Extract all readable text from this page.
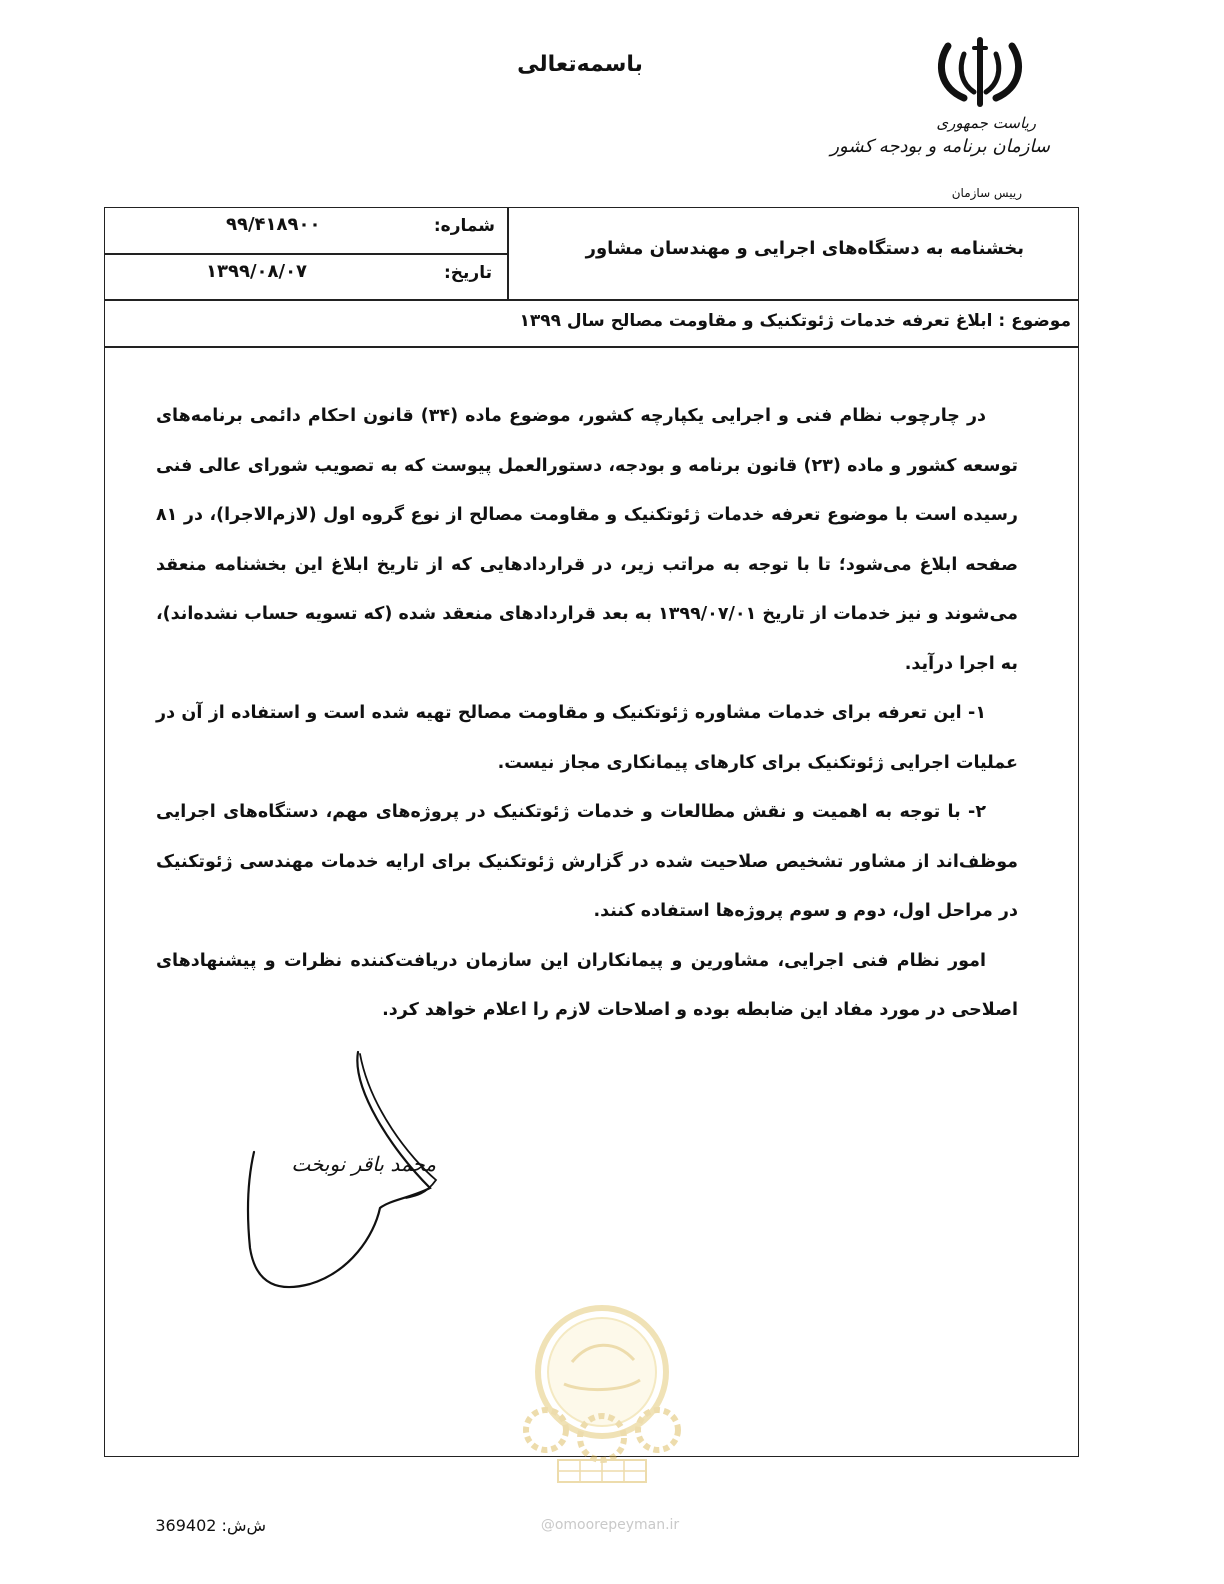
باسمه‌تعالی
ریاست جمهوری
سازمان برنامه و بودجه کشور
رییس سازمان
بخشنامه به دستگاه‌های اجرایی و مهندسان مشاور
شماره:
۹۹/۴۱۸۹۰۰
تاریخ:
۱۳۹۹/۰۸/۰۷
موضوع : ابلاغ تعرفه خدمات ژئوتکنیک و مقاومت مصالح سال ۱۳۹۹

در چارچوب نظام فنی و اجرایی یکپارچه کشور، موضوع ماده (۳۴) قانون احکام دائمی برنامه‌های توسعه کشور و ماده (۲۳) قانون برنامه و بودجه، دستورالعمل پیوست که به تصویب شورای عالی فنی رسیده است با موضوع تعرفه خدمات ژئوتکنیک و مقاومت مصالح از نوع گروه اول (لازم‌الاجرا)، در ۸۱ صفحه ابلاغ می‌شود؛ تا با توجه به مراتب زیر، در قراردادهایی که از تاریخ ابلاغ این بخشنامه منعقد می‌شوند و نیز خدمات از تاریخ ۱۳۹۹/۰۷/۰۱ به بعد قراردادهای منعقد شده (که تسویه حساب نشده‌اند)، به اجرا درآید.

۱- این تعرفه برای خدمات مشاوره ژئوتکنیک و مقاومت مصالح تهیه شده است و استفاده از آن در عملیات اجرایی ژئوتکنیک برای کارهای پیمانکاری مجاز نیست.

۲- با توجه به اهمیت و نقش مطالعات و خدمات ژئوتکنیک در پروژه‌های مهم، دستگاه‌های اجرایی موظف‌اند از مشاور تشخیص صلاحیت شده در گزارش ژئوتکنیک برای ارایه خدمات مهندسی ژئوتکنیک در مراحل اول، دوم و سوم پروژه‌ها استفاده کنند.

امور نظام فنی اجرایی، مشاورین و پیمانکاران این سازمان دریافت‌کننده نظرات و پیشنهادهای اصلاحی در مورد مفاد این ضابطه بوده و اصلاحات لازم را اعلام خواهد کرد.

محمد باقر نوبخت
@omoorepeyman.ir
ش‌ش: 369402
